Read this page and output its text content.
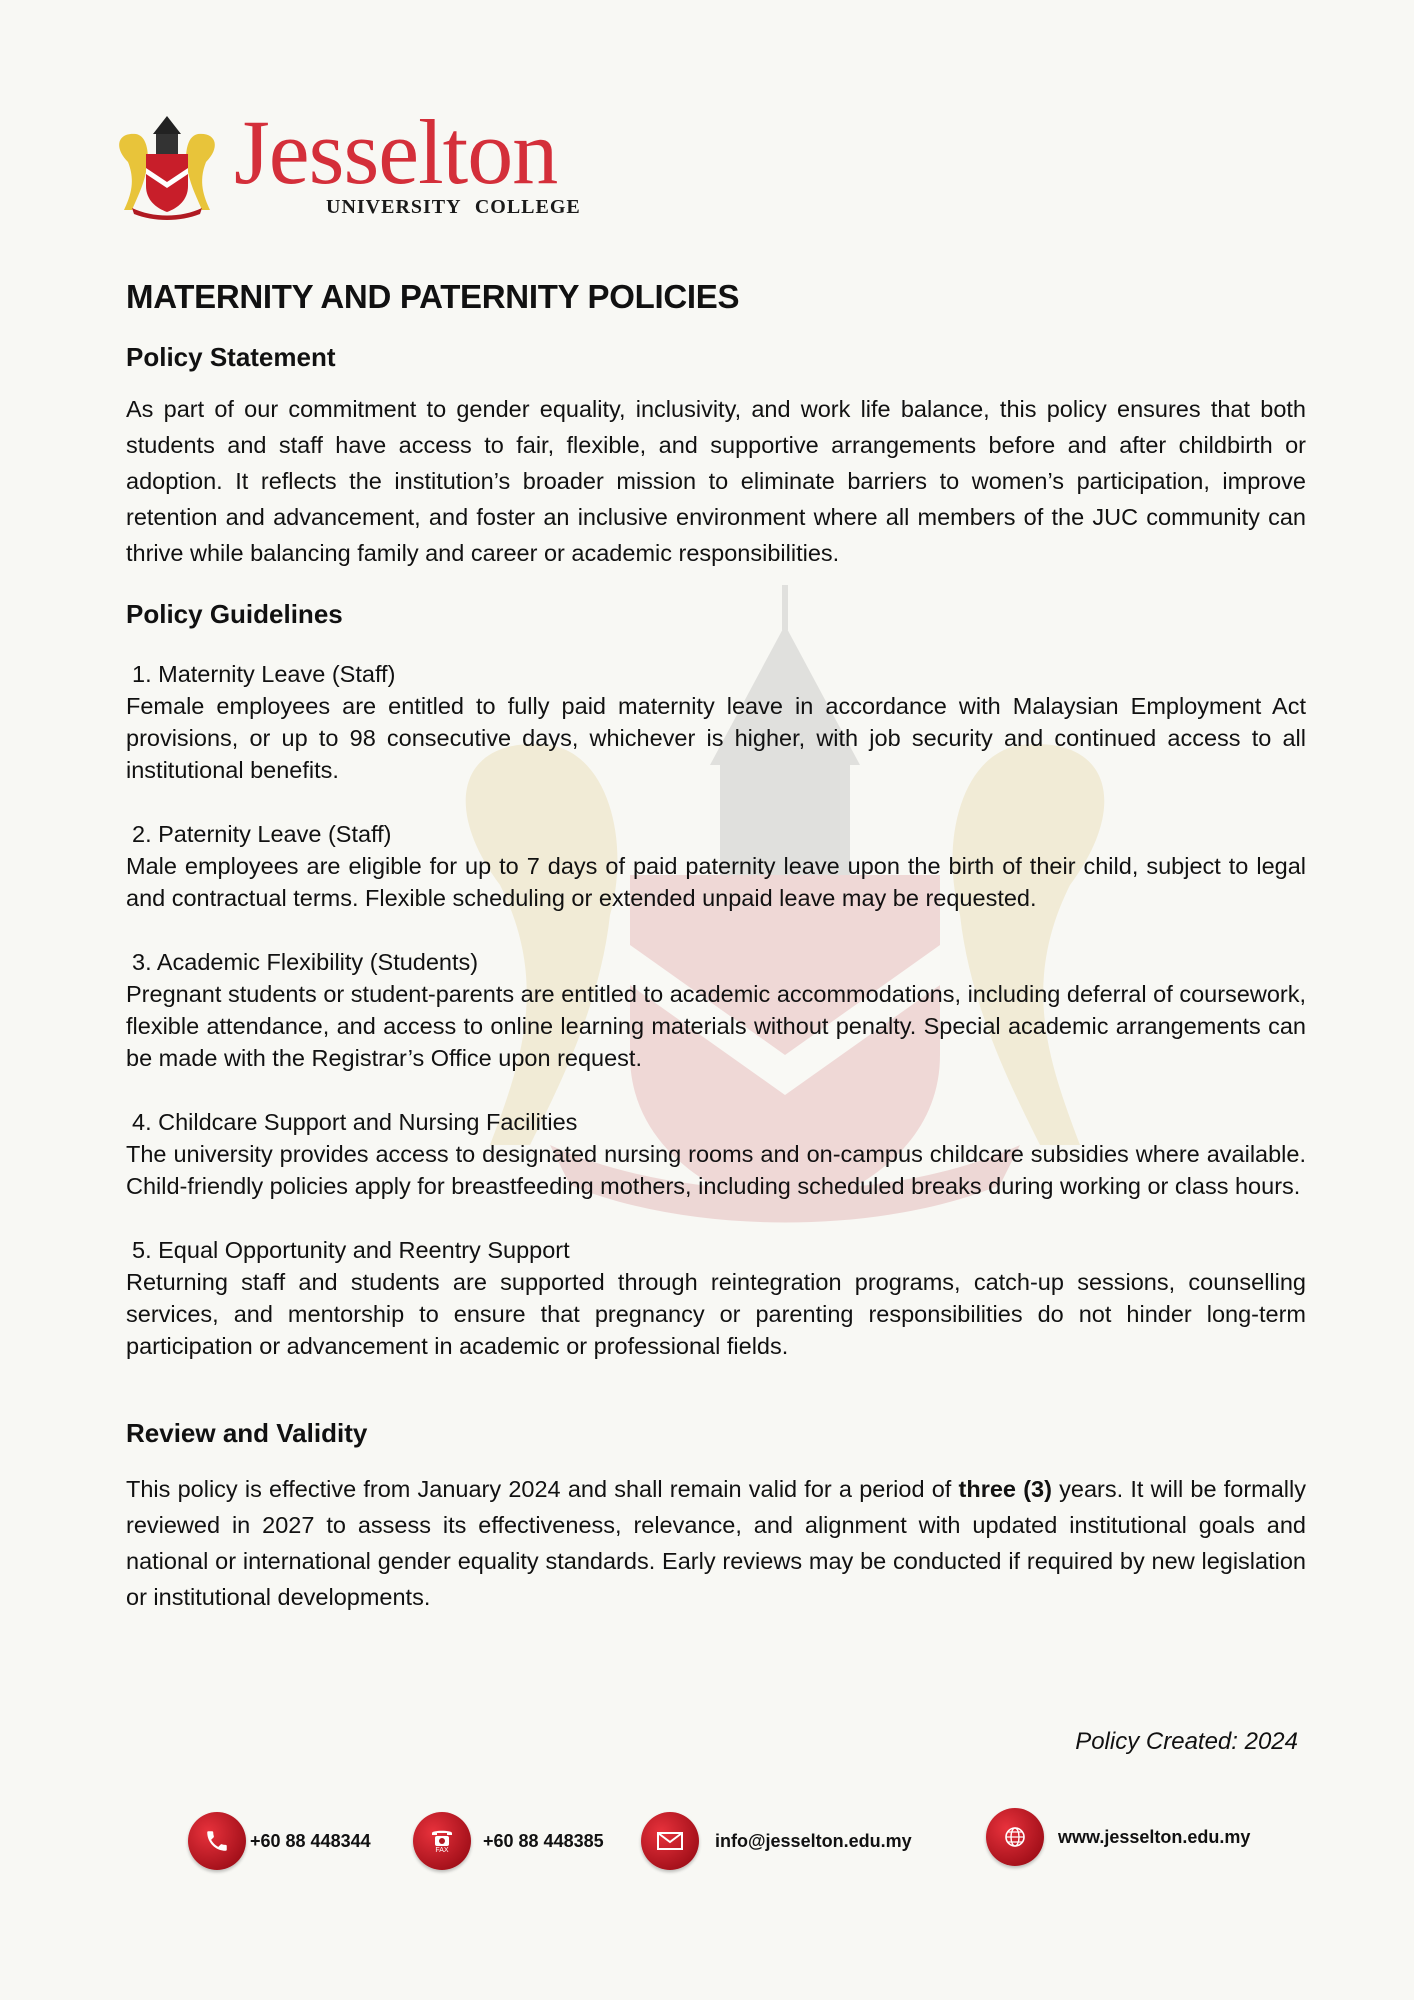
Jesselton
UNIVERSITY COLLEGE
MATERNITY AND PATERNITY POLICIES
Policy Statement

As part of our commitment to gender equality, inclusivity, and work life balance, this policy ensures that both students and staff have access to fair, flexible, and supportive arrangements before and after childbirth or adoption. It reflects the institution’s broader mission to eliminate barriers to women’s participation, improve retention and advancement, and foster an inclusive environment where all members of the JUC community can thrive while balancing family and career or academic responsibilities.

Policy Guidelines
1. Maternity Leave (Staff)

Female employees are entitled to fully paid maternity leave in accordance with Malaysian Employment Act provisions, or up to 98 consecutive days, whichever is higher, with job security and continued access to all institutional benefits.

2. Paternity Leave (Staff)

Male employees are eligible for up to 7 days of paid paternity leave upon the birth of their child, subject to legal and contractual terms. Flexible scheduling or extended unpaid leave may be requested.

3. Academic Flexibility (Students)

Pregnant students or student-parents are entitled to academic accommodations, including deferral of coursework, flexible attendance, and access to online learning materials without penalty. Special academic arrangements can be made with the Registrar’s Office upon request.

4. Childcare Support and Nursing Facilities

The university provides access to designated nursing rooms and on-campus childcare subsidies where available. Child-friendly policies apply for breastfeeding mothers, including scheduled breaks during working or class hours.

5. Equal Opportunity and Reentry Support

Returning staff and students are supported through reintegration programs, catch-up sessions, counselling services, and mentorship to ensure that pregnancy or parenting responsibilities do not hinder long-term participation or advancement in academic or professional fields.

Review and Validity

This policy is effective from January 2024 and shall remain valid for a period of three (3) years. It will be formally reviewed in 2027 to assess its effectiveness, relevance, and alignment with updated institutional goals and national or international gender equality standards. Early reviews may be conducted if required by new legislation or institutional developments.

Policy Created: 2024
+60 88 448344	FAX +60 88 448385	info@jesselton.edu.my	www.jesselton.edu.my
